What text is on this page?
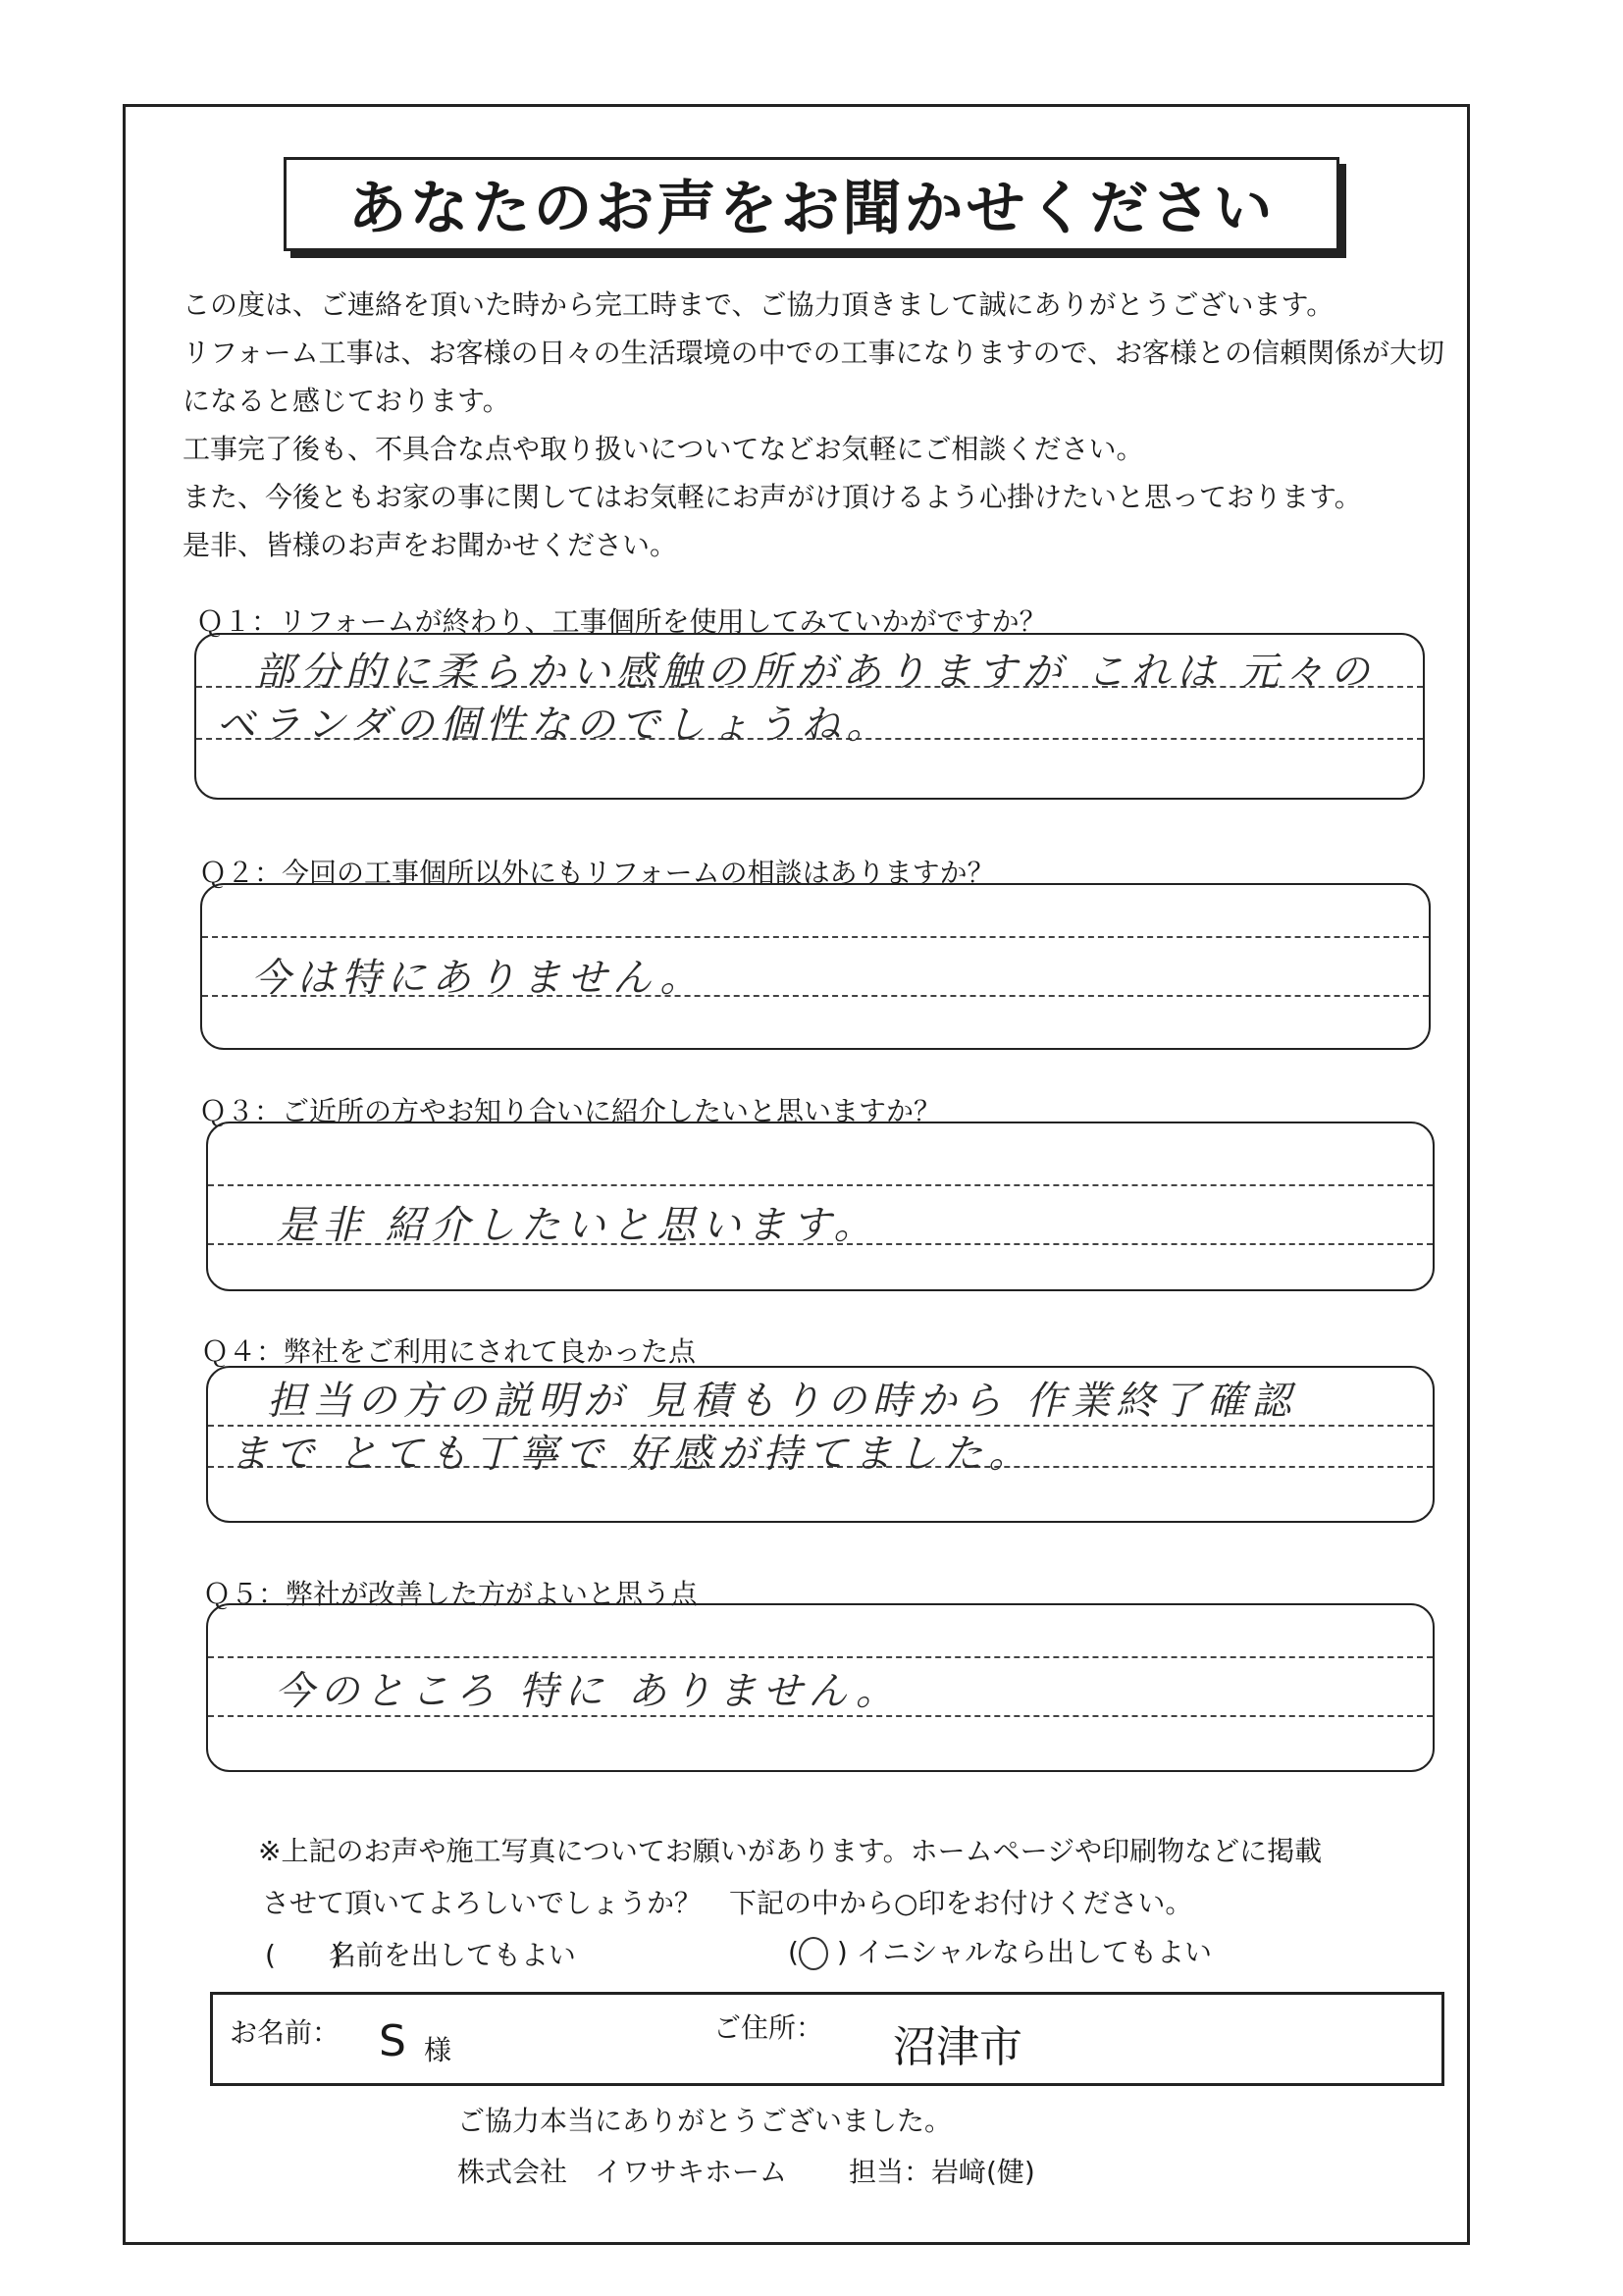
あなたのお声をお聞かせください
この度は、ご連絡を頂いた時から完工時まで、ご協力頂きまして誠にありがとうございます。
リフォーム工事は、お客様の日々の生活環境の中での工事になりますので、お客様との信頼関係が大切
になると感じております。
工事完了後も、不具合な点や取り扱いについてなどお気軽にご相談ください。
また、今後ともお家の事に関してはお気軽にお声がけ頂けるよう心掛けたいと思っております。
是非、皆様のお声をお聞かせください。
Ｑ１：リフォームが終わり、工事個所を使用してみていかがですか？
部分的に柔らかい感触の所がありますが これは 元々の
ベランダの個性なのでしょうね。
Ｑ２：今回の工事個所以外にもリフォームの相談はありますか？
今は特にありません。
Ｑ３：ご近所の方やお知り合いに紹介したいと思いますか？
是非 紹介したいと思います。
Ｑ４：弊社をご利用にされて良かった点
担当の方の説明が 見積もりの時から 作業終了確認
まで とても丁寧で 好感が持てました。
Ｑ５：弊社が改善した方がよいと思う点
今のところ 特に ありません。
※上記のお声や施工写真についてお願いがあります。ホームページや印刷物などに掲載
させて頂いてよろしいでしょうか？　下記の中から○印をお付けください。
(　　) 名前を出してもよい	(○ ) イニシャルなら出してもよい
お名前： S 様
ご住所： 沼津市
ご協力本当にありがとうございました。
株式会社　イワサキホーム 担当：岩﨑(健)
